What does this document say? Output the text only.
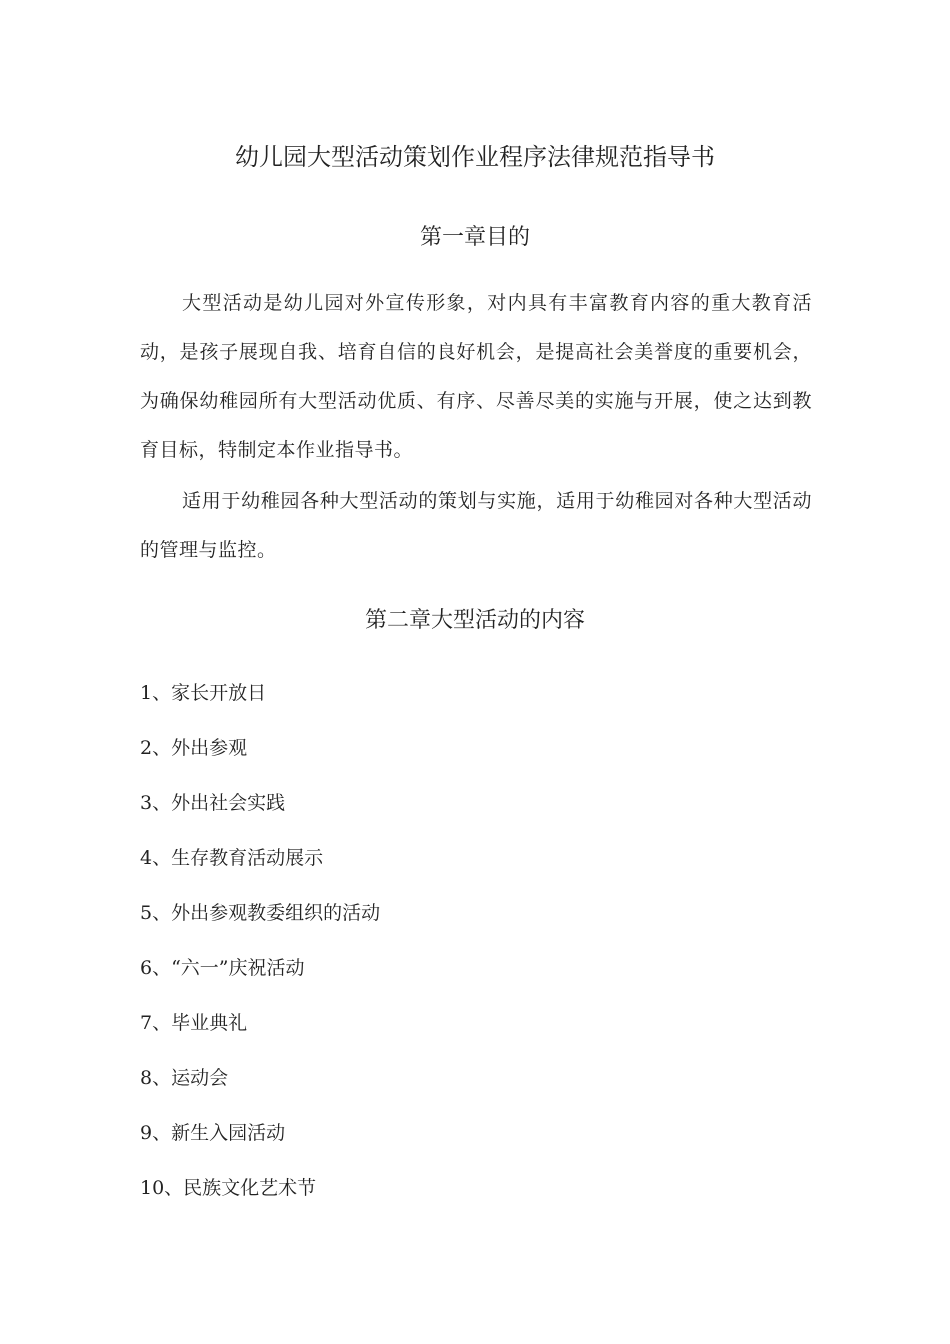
幼儿园大型活动策划作业程序法律规范指导书
第一章目的

大型活动是幼儿园对外宣传形象，对内具有丰富教育内容的重大教育活动，是孩子展现自我、培育自信的良好机会，是提高社会美誉度的重要机会，为确保幼稚园所有大型活动优质、有序、尽善尽美的实施与开展，使之达到教育目标，特制定本作业指导书。

适用于幼稚园各种大型活动的策划与实施，适用于幼稚园对各种大型活动的管理与监控。

第二章大型活动的内容
1、家长开放日
2、外出参观
3、外出社会实践
4、生存教育活动展示
5、外出参观教委组织的活动
6、“六一”庆祝活动
7、毕业典礼
8、运动会
9、新生入园活动
10、民族文化艺术节
